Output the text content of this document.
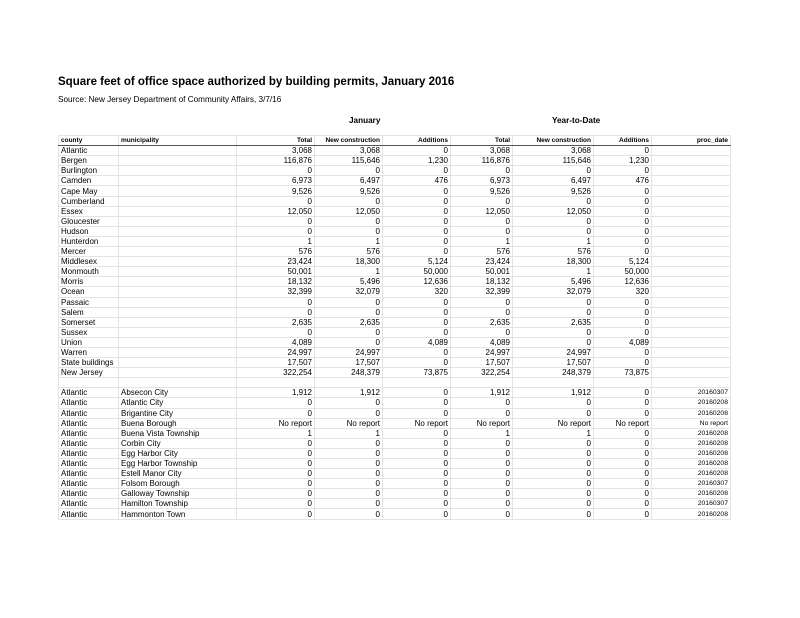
Square feet of office space authorized by building permits, January 2016
Source: New Jersey Department of Community Affairs, 3/7/16
January	Year-to-Date
county	municipality	Total	New construction	Additions	Total	New construction	Additions	proc_date
Atlantic		3,068	3,068	0	3,068	3,068	0	
Bergen		116,876	115,646	1,230	116,876	115,646	1,230	
Burlington		0	0	0	0	0	0	
Camden		6,973	6,497	476	6,973	6,497	476	
Cape May		9,526	9,526	0	9,526	9,526	0	
Cumberland		0	0	0	0	0	0	
Essex		12,050	12,050	0	12,050	12,050	0	
Gloucester		0	0	0	0	0	0	
Hudson		0	0	0	0	0	0	
Hunterdon		1	1	0	1	1	0	
Mercer		576	576	0	576	576	0	
Middlesex		23,424	18,300	5,124	23,424	18,300	5,124	
Monmouth		50,001	1	50,000	50,001	1	50,000	
Morris		18,132	5,496	12,636	18,132	5,496	12,636	
Ocean		32,399	32,079	320	32,399	32,079	320	
Passaic		0	0	0	0	0	0	
Salem		0	0	0	0	0	0	
Somerset		2,635	2,635	0	2,635	2,635	0	
Sussex		0	0	0	0	0	0	
Union		4,089	0	4,089	4,089	0	4,089	
Warren		24,997	24,997	0	24,997	24,997	0	
State buildings		17,507	17,507	0	17,507	17,507	0	
New Jersey		322,254	248,379	73,875	322,254	248,379	73,875	

Atlantic	Absecon City	1,912	1,912	0	1,912	1,912	0	20160307
Atlantic	Atlantic City	0	0	0	0	0	0	20160208
Atlantic	Brigantine City	0	0	0	0	0	0	20160208
Atlantic	Buena Borough	No report	No report	No report	No report	No report	No report	No report
Atlantic	Buena Vista Township	1	1	0	1	1	0	20160208
Atlantic	Corbin City	0	0	0	0	0	0	20160208
Atlantic	Egg Harbor City	0	0	0	0	0	0	20160208
Atlantic	Egg Harbor Township	0	0	0	0	0	0	20160208
Atlantic	Estell Manor City	0	0	0	0	0	0	20160208
Atlantic	Folsom Borough	0	0	0	0	0	0	20160307
Atlantic	Galloway Township	0	0	0	0	0	0	20160208
Atlantic	Hamilton Township	0	0	0	0	0	0	20160307
Atlantic	Hammonton Town	0	0	0	0	0	0	20160208
